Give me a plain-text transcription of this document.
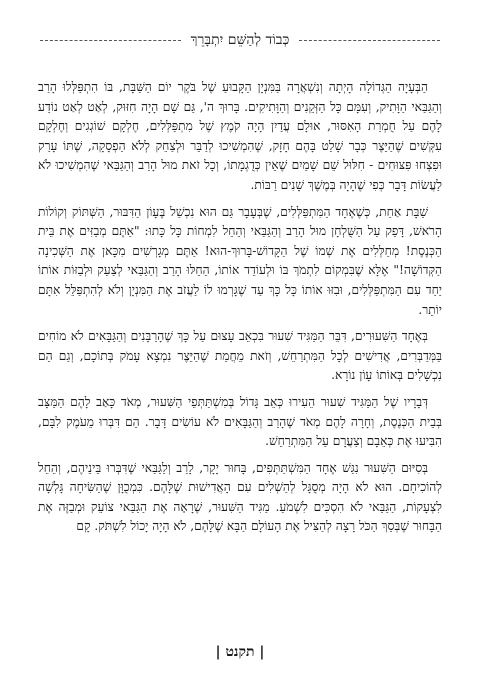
כְּבוֹד לְהַשֵּׁם יִתְבָּרֵךְ

הַבְּעָיָה הַגְּדוֹלָה הָיְתָה וְנִשְׁאֲרָה בַּמִּנְיָן הַקָּבוּעַ שֶׁל בֹּקֶר יוֹם הַשַּׁבָּת, בּוֹ הִתְפַּלְּלוּ הָרַב וְהַגַּבַּאי הַוָּתִיק, וְעִמָּם כָּל הַזְּקֵנִים וְהַוָּתִיקִים. בָּרוּךְ ה', גַּם שָׁם הָיָה חִזּוּק, לְאַט לְאַט נוֹדַע לָהֶם עַל חֻמְרַת הָאִסּוּר, אוּלָם עֲדַיִן הָיָה קֹמֶץ שֶׁל מִתְפַּלְּלִים, חֶלְקָם שׁוֹגְגִים וְחֶלְקָם עִקְּשִׁים שֶׁהַיֵּצֶר כְּבָר שָׁלַט בָּהֶם חָזָק, שֶׁהִמְשִׁיכוּ לְדַבֵּר וּלְצַחֵק לְלֹא הַפְסָקָה, שֶׁתּוֹ עָרַק וּפִצְחוּ פִּצּוּחִים - חִלּוּל שֵׁם שָׁמַיִם שֶׁאֵין כְּדֻגְמָתוֹ, וְכָל זֹאת מוּל הָרַב וְהַגַּבַּאי שֶׁהִמְשִׁיכוּ לֹא לַעֲשׂוֹת דָּבָר כְּפִי שֶׁהָיָה בְּמֶשֶׁךְ שָׁנִים רַבּוֹת.

שַׁבָּת אַחַת, כְּשֶׁאֶחָד הַמִּתְפַּלְּלִים, שֶׁבְּעָבָר גַּם הוּא נִכְשַׁל בֶּעָוֹן הַדִּבּוּר, הַשְּׁתּוֹק וְקוֹלוֹת הָרֹאשׁ, דָּפַק עַל הַשֻּׁלְחָן מוּל הָרַב וְהַגַּבַּאי וְהֵחֵל לִמְחוֹת כָּל כָּתוּ: "אַתֶּם מְבַזִּים אֶת בֵּית הַכְּנֶסֶת! מְחַלְּלִים אֶת שְׁמוֹ שֶׁל הַקָּדוֹשׁ-בָּרוּךְ-הוּא! אַתֶּם מְגָרְשִׁים מִכָּאן אֶת הַשְּׁכִינָה הַקְּדוֹשָׁה!" אֶלָּא שֶׁבִּמְקוֹם לִתְמֹךְ בּוֹ וּלְעוֹדֵד אוֹתוֹ, הֵחֵלּוּ הָרַב וְהַגַּבַּאי לְצַעֵק וּלְבַזּוֹת אוֹתוֹ יַחַד עִם הַמִּתְפַּלְּלִים, וּבִזּוּ אוֹתוֹ כָּל כָּךְ עַד שֶׁגָּרְמוּ לוֹ לַעֲזֹב אֶת הַמִּנְיָן וְלֹא לְהִתְפַּלֵּל אִתָּם יוֹתֵר.

בְּאֶחָד הַשִּׁעוּרִים, דִּבֵּר הַמַּגִּיד שִׁעוּר בִּכְאֵב עָצוּם עַל כָּךְ שֶׁהָרַבָּנִים וְהַגַּבָּאִים לֹא מוֹחִים בַּמְּדַבְּרִים, אֲדִישִׁים לְכָל הַמִּתְרַחֵשׁ, וְזֹאת מֵחֲמַת שֶׁהַיֵּצֶר נִמְצָא עָמֹק בְּתוֹכָם, וְגַם הֵם נִכְשָׁלִים בְּאוֹתוֹ עָוֹן נוֹרָא.

דְּבָרָיו שֶׁל הַמַּגִּיד שִׁעוּר הֵעִירוּ כְּאֵב גָּדוֹל בְּמִשְׁתַּתְּפֵי הַשִּׁעוּר, מְאֹד כָּאַב לָהֶם הַמַּצָּב בְּבֵית הַכְּנֶסֶת, וְחָרָה לָהֶם מְאֹד שֶׁהָרַב וְהַגַּבָּאִים לֹא עוֹשִׂים דָּבָר. הֵם דִּבְּרוּ מֵעֹמֶק לִבָּם, הִבִּיעוּ אֶת כְּאֵבָם וְצַעֲרָם עַל הַמִּתְרַחֵשׁ.

בְּסִיּוּם הַשִּׁעוּר נִגַּשׁ אֶחָד הַמִּשְׁתַּתְּפִים, בָּחוּר יָקָר, לָרַב וְלַגַּבַּאי שֶׁדִּבְּרוּ בֵּינֵיהֶם, וְהֵחֵל לְהוֹכִיחָם. הוּא לֹא הָיָה מְסֻגָּל לְהַשְׁלִים עִם הָאֲדִישׁוּת שֶׁלָּהֶם. כִּמְכֻוָּן שֶׁהַשִּׂיחָה גָּלְשָׁה לִצְעָקוֹת, הַגַּבַּאי לֹא הִסְכִּים לִשְׁמֹעַ. מַגִּיד הַשִּׁעוּר, שֶׁרָאָה אֶת הַגַּבַּאי צוֹעֵק וּמְבַזֶּה אֶת הַבָּחוּר שֶׁבְּסַךְ הַכֹּל רָצָה לְהַצִּיל אֶת הָעוֹלָם הַבָּא שֶׁלָּהֶם, לֹא הָיָה יָכוֹל לִשְׁתֹּק. קָם

| תקנט |
